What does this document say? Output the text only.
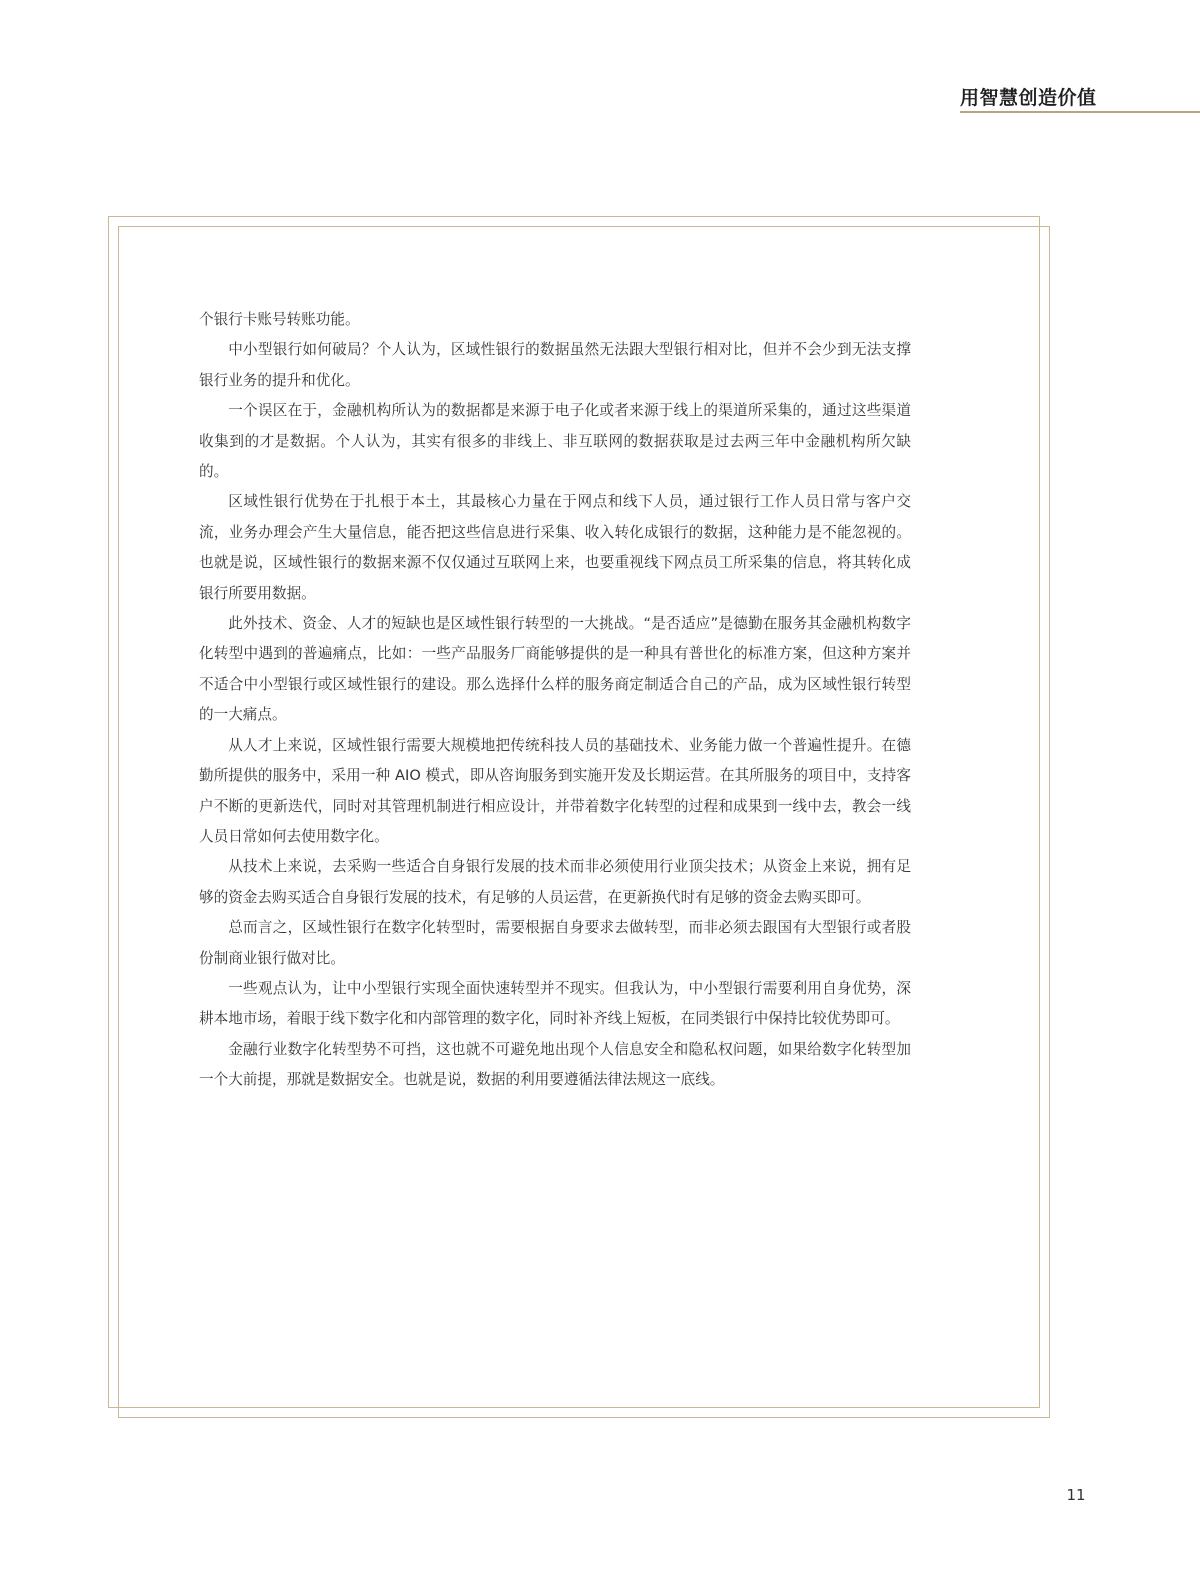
用智慧创造价值

个银行卡账号转账功能。

中小型银行如何破局？个人认为，区域性银行的数据虽然无法跟大型银行相对比，但并不会少到无法支撑银行业务的提升和优化。

一个误区在于，金融机构所认为的数据都是来源于电子化或者来源于线上的渠道所采集的，通过这些渠道收集到的才是数据。个人认为，其实有很多的非线上、非互联网的数据获取是过去两三年中金融机构所欠缺的。

区域性银行优势在于扎根于本土，其最核心力量在于网点和线下人员，通过银行工作人员日常与客户交流，业务办理会产生大量信息，能否把这些信息进行采集、收入转化成银行的数据，这种能力是不能忽视的。也就是说，区域性银行的数据来源不仅仅通过互联网上来，也要重视线下网点员工所采集的信息，将其转化成银行所要用数据。

此外技术、资金、人才的短缺也是区域性银行转型的一大挑战。“是否适应”是德勤在服务其金融机构数字化转型中遇到的普遍痛点，比如：一些产品服务厂商能够提供的是一种具有普世化的标准方案，但这种方案并不适合中小型银行或区域性银行的建设。那么选择什么样的服务商定制适合自己的产品，成为区域性银行转型的一大痛点。

从人才上来说，区域性银行需要大规模地把传统科技人员的基础技术、业务能力做一个普遍性提升。在德勤所提供的服务中，采用一种 AIO 模式，即从咨询服务到实施开发及长期运营。在其所服务的项目中，支持客户不断的更新迭代，同时对其管理机制进行相应设计，并带着数字化转型的过程和成果到一线中去，教会一线人员日常如何去使用数字化。

从技术上来说，去采购一些适合自身银行发展的技术而非必须使用行业顶尖技术；从资金上来说，拥有足够的资金去购买适合自身银行发展的技术，有足够的人员运营，在更新换代时有足够的资金去购买即可。

总而言之，区域性银行在数字化转型时，需要根据自身要求去做转型，而非必须去跟国有大型银行或者股份制商业银行做对比。

一些观点认为，让中小型银行实现全面快速转型并不现实。但我认为，中小型银行需要利用自身优势，深耕本地市场，着眼于线下数字化和内部管理的数字化，同时补齐线上短板，在同类银行中保持比较优势即可。

金融行业数字化转型势不可挡，这也就不可避免地出现个人信息安全和隐私权问题，如果给数字化转型加一个大前提，那就是数据安全。也就是说，数据的利用要遵循法律法规这一底线。

11
